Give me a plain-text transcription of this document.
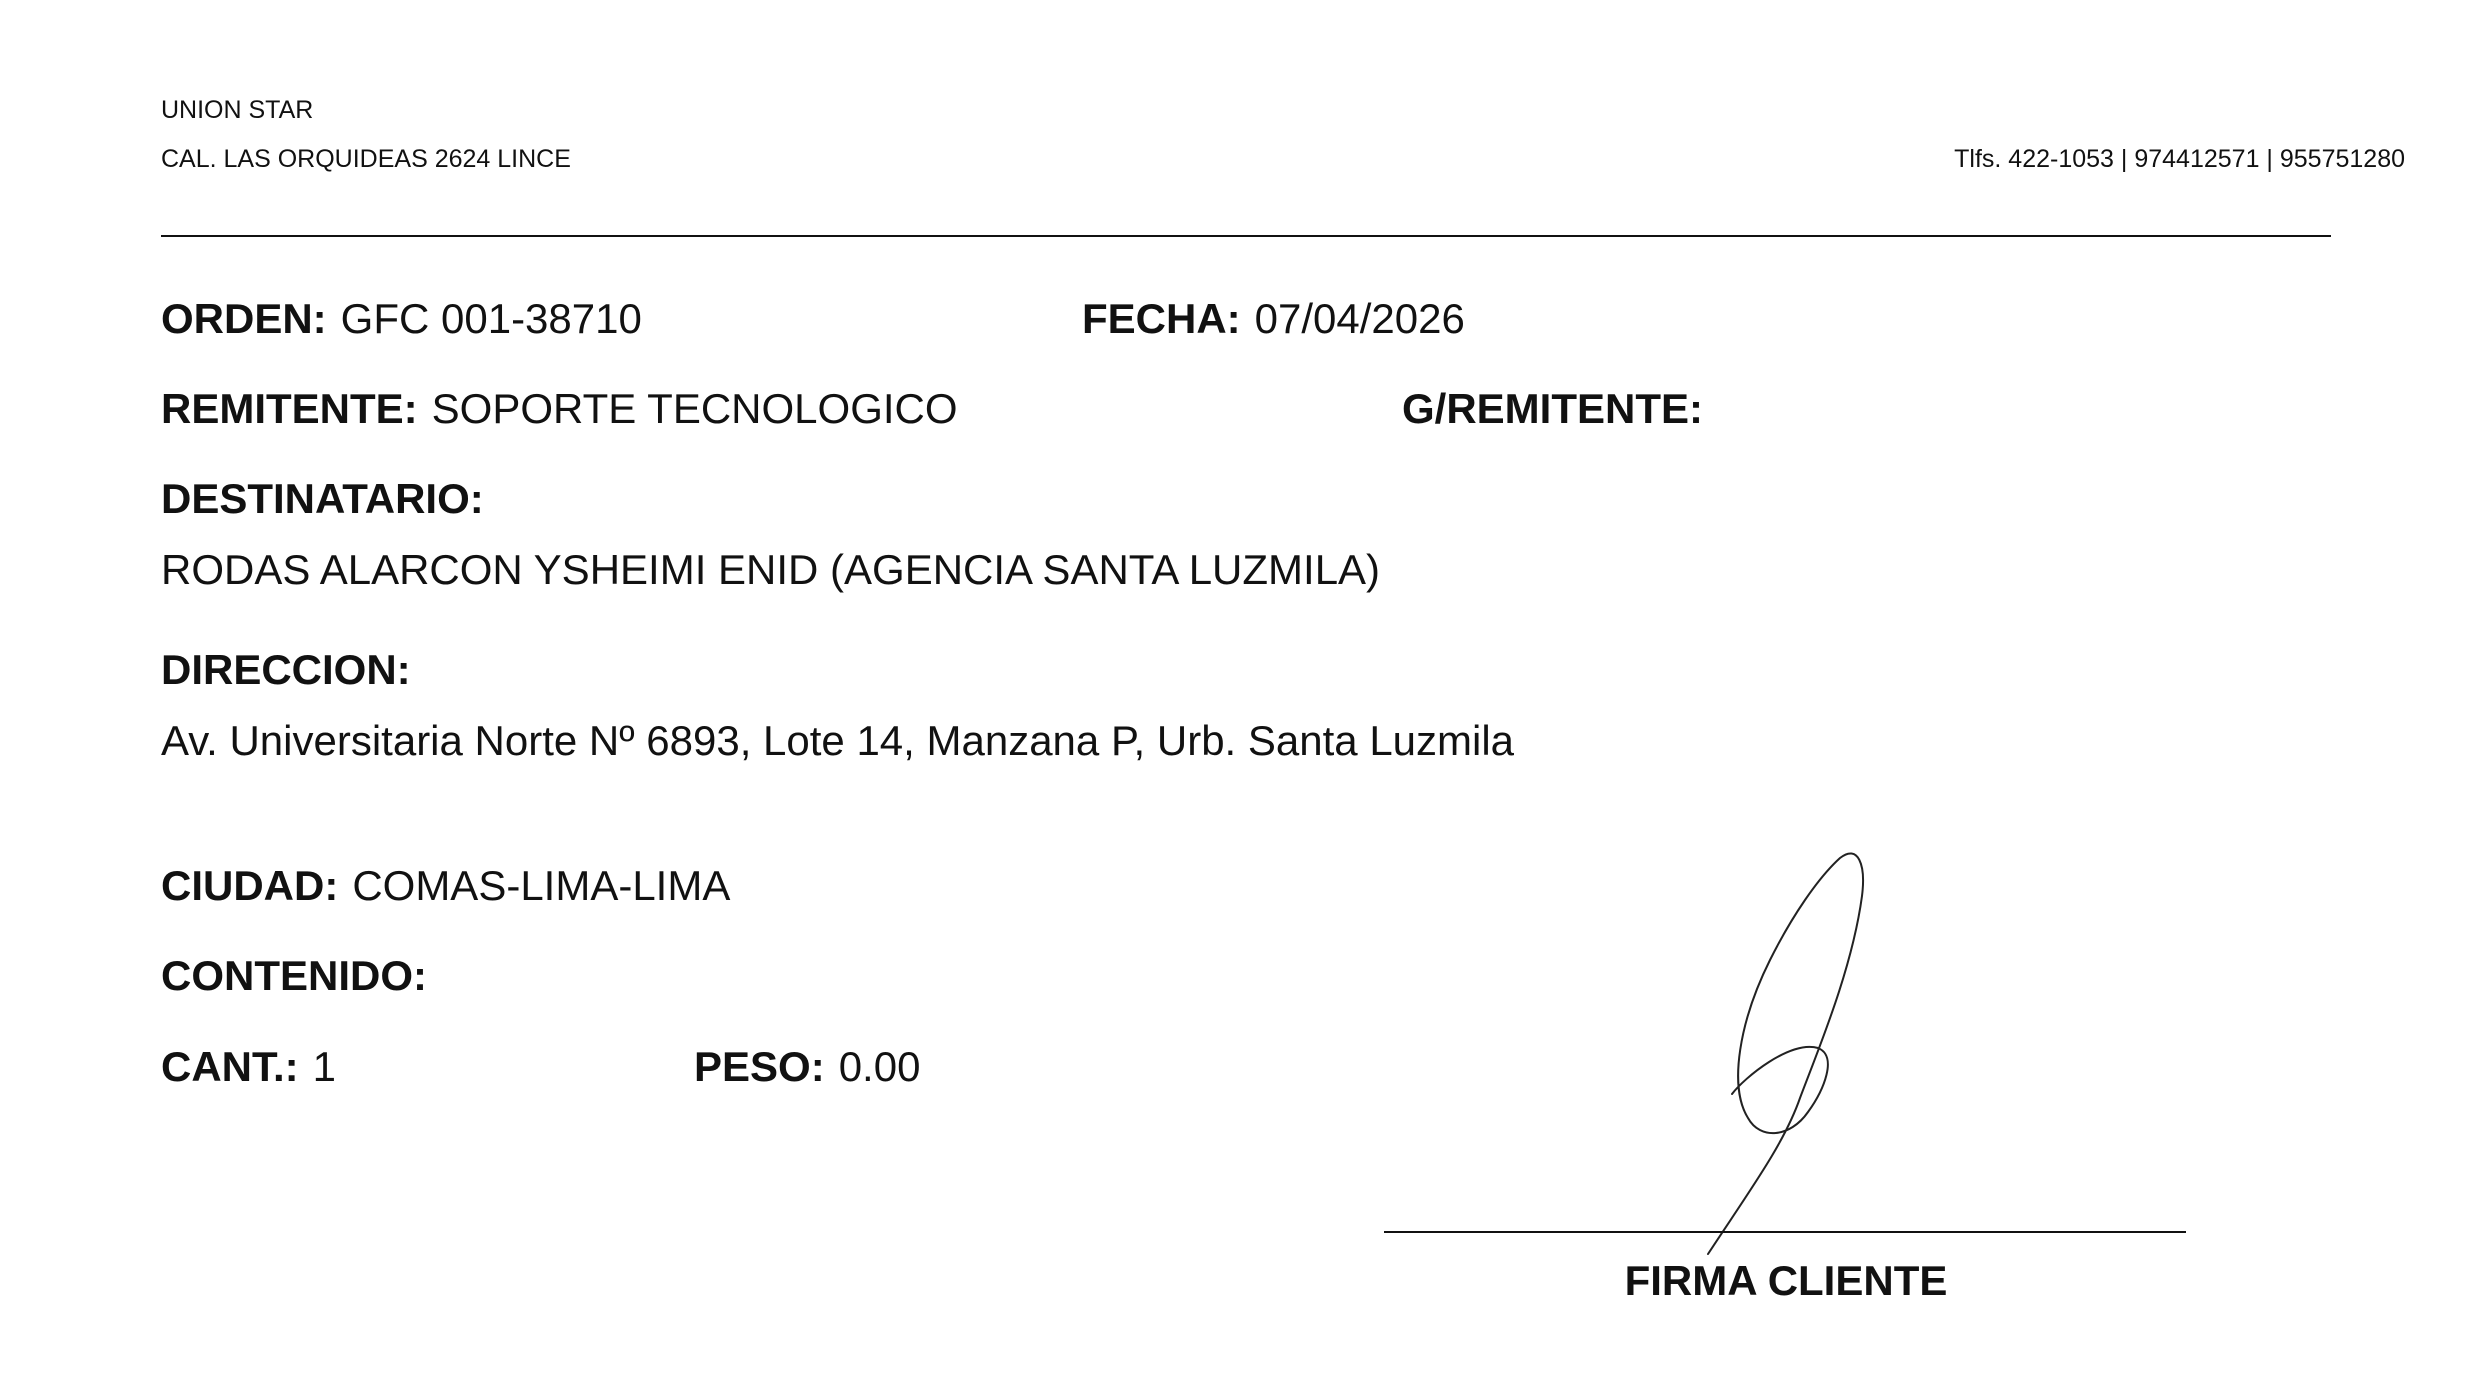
UNION STAR
CAL. LAS ORQUIDEAS 2624 LINCE	Tlfs. 422-1053 | 974412571 | 955751280
ORDEN: GFC 001-38710	FECHA: 07/04/2026
REMITENTE: SOPORTE TECNOLOGICO	G/REMITENTE:
DESTINATARIO:
RODAS ALARCON YSHEIMI ENID (AGENCIA SANTA LUZMILA)
DIRECCION:
Av. Universitaria Norte Nº 6893, Lote 14, Manzana P, Urb. Santa Luzmila
CIUDAD: COMAS-LIMA-LIMA
CONTENIDO:
CANT.: 1	PESO: 0.00
FIRMA CLIENTE
